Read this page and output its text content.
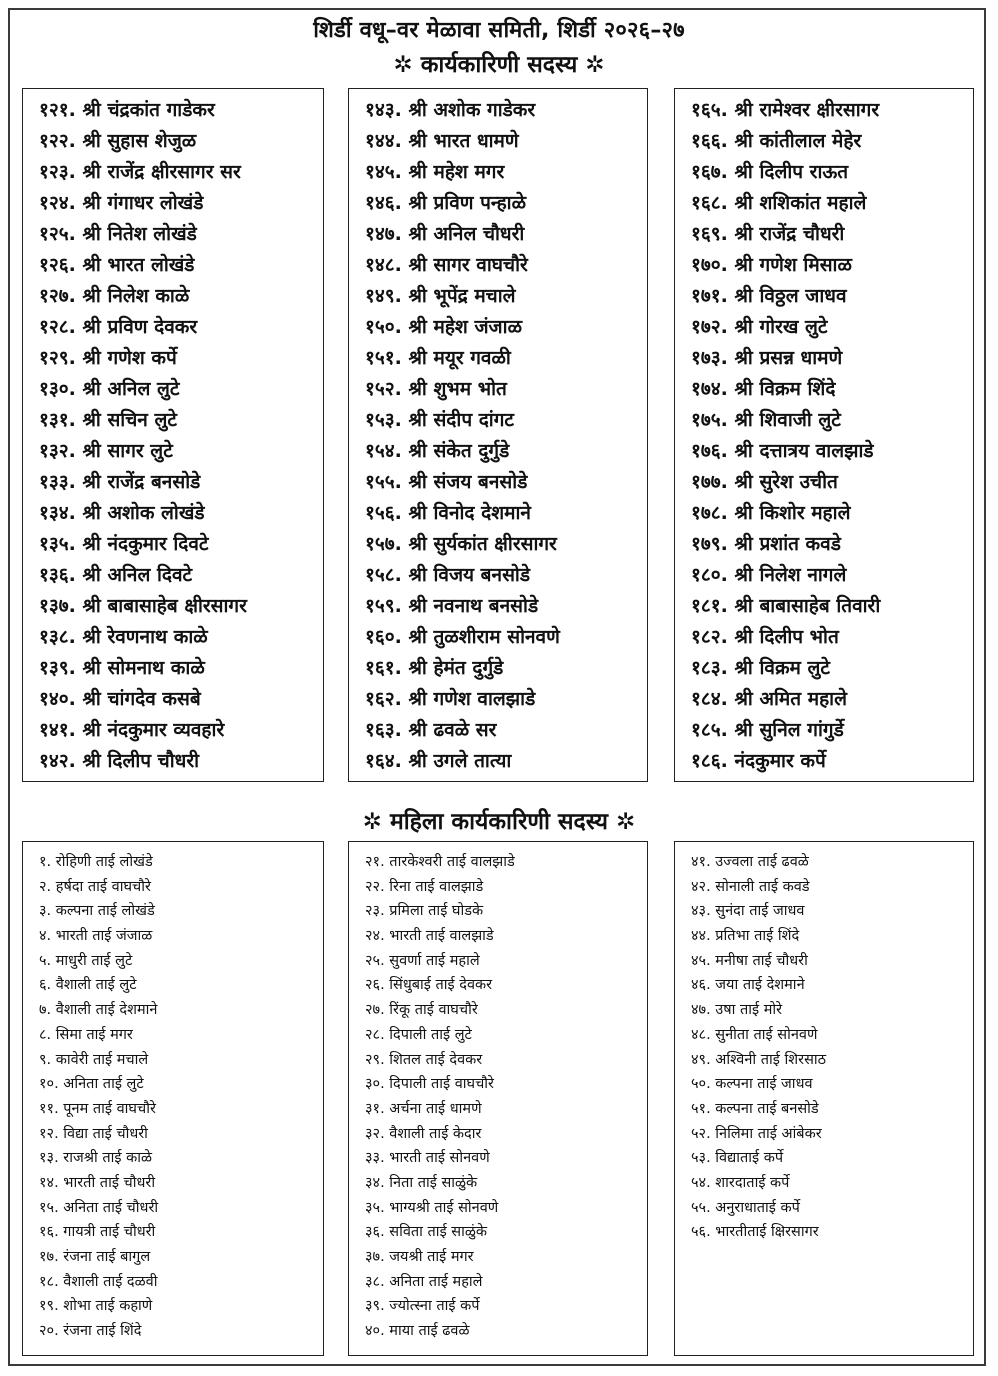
शिर्डी वधू–वर मेळावा समिती, शिर्डी २०२६–२७
✲ कार्यकारिणी सदस्य ✲
१२१. श्री चंद्रकांत गाडेकर
१२२. श्री सुहास शेजुळ
१२३. श्री राजेंद्र क्षीरसागर सर
१२४. श्री गंगाधर लोखंडे
१२५. श्री नितेश लोखंडे
१२६. श्री भारत लोखंडे
१२७. श्री निलेश काळे
१२८. श्री प्रविण देवकर
१२९. श्री गणेश कर्पे
१३०. श्री अनिल लुटे
१३१. श्री सचिन लुटे
१३२. श्री सागर लुटे
१३३. श्री राजेंद्र बनसोडे
१३४. श्री अशोक लोखंडे
१३५. श्री नंदकुमार दिवटे
१३६. श्री अनिल दिवटे
१३७. श्री बाबासाहेब क्षीरसागर
१३८. श्री रेवणनाथ काळे
१३९. श्री सोमनाथ काळे
१४०. श्री चांगदेव कसबे
१४१. श्री नंदकुमार व्यवहारे
१४२. श्री दिलीप चौधरी
१४३. श्री अशोक गाडेकर
१४४. श्री भारत धामणे
१४५. श्री महेश मगर
१४६. श्री प्रविण पन्हाळे
१४७. श्री अनिल चौधरी
१४८. श्री सागर वाघचौरे
१४९. श्री भूपेंद्र मचाले
१५०. श्री महेश जंजाळ
१५१. श्री मयूर गवळी
१५२. श्री शुभम भोत
१५३. श्री संदीप दांगट
१५४. श्री संकेत दुर्गुडे
१५५. श्री संजय बनसोडे
१५६. श्री विनोद देशमाने
१५७. श्री सुर्यकांत क्षीरसागर
१५८. श्री विजय बनसोडे
१५९. श्री नवनाथ बनसोडे
१६०. श्री तुळशीराम सोनवणे
१६१. श्री हेमंत दुर्गुडे
१६२. श्री गणेश वालझाडे
१६३. श्री ढवळे सर
१६४. श्री उगले तात्या
१६५. श्री रामेश्वर क्षीरसागर
१६६. श्री कांतीलाल मेहेर
१६७. श्री दिलीप राऊत
१६८. श्री शशिकांत महाले
१६९. श्री राजेंद्र चौधरी
१७०. श्री गणेश मिसाळ
१७१. श्री विठ्ठल जाधव
१७२. श्री गोरख लुटे
१७३. श्री प्रसन्न धामणे
१७४. श्री विक्रम शिंदे
१७५. श्री शिवाजी लुटे
१७६. श्री दत्तात्रय वालझाडे
१७७. श्री सुरेश उचीत
१७८. श्री किशोर महाले
१७९. श्री प्रशांत कवडे
१८०. श्री निलेश नागले
१८१. श्री बाबासाहेब तिवारी
१८२. श्री दिलीप भोत
१८३. श्री विक्रम लुटे
१८४. श्री अमित महाले
१८५. श्री सुनिल गांगुर्डे
१८६. नंदकुमार कर्पे
✲ महिला कार्यकारिणी सदस्य ✲
१. रोहिणी ताई लोखंडे
२. हर्षदा ताई वाघचौरे
३. कल्पना ताई लोखंडे
४. भारती ताई जंजाळ
५. माधुरी ताई लुटे
६. वैशाली ताई लुटे
७. वैशाली ताई देशमाने
८. सिमा ताई मगर
९. कावेरी ताई मचाले
१०. अनिता ताई लुटे
११. पूनम ताई वाघचौरे
१२. विद्या ताई चौधरी
१३. राजश्री ताई काळे
१४. भारती ताई चौधरी
१५. अनिता ताई चौधरी
१६. गायत्री ताई चौधरी
१७. रंजना ताई बागुल
१८. वैशाली ताई दळवी
१९. शोभा ताई कहाणे
२०. रंजना ताई शिंदे
२१. तारकेश्वरी ताई वालझाडे
२२. रिना ताई वालझाडे
२३. प्रमिला ताई घोडके
२४. भारती ताई वालझाडे
२५. सुवर्णा ताई महाले
२६. सिंधुबाई ताई देवकर
२७. रिंकू ताई वाघचौरे
२८. दिपाली ताई लुटे
२९. शितल ताई देवकर
३०. दिपाली ताई वाघचौरे
३१. अर्चना ताई धामणे
३२. वैशाली ताई केदार
३३. भारती ताई सोनवणे
३४. निता ताई साळुंके
३५. भाग्यश्री ताई सोनवणे
३६. सविता ताई साळुंके
३७. जयश्री ताई मगर
३८. अनिता ताई महाले
३९. ज्योत्स्ना ताई कर्पे
४०. माया ताई ढवळे
४१. उज्वला ताई ढवळे
४२. सोनाली ताई कवडे
४३. सुनंदा ताई जाधव
४४. प्रतिभा ताई शिंदे
४५. मनीषा ताई चौधरी
४६. जया ताई देशमाने
४७. उषा ताई मोरे
४८. सुनीता ताई सोनवणे
४९. अश्विनी ताई शिरसाठ
५०. कल्पना ताई जाधव
५१. कल्पना ताई बनसोडे
५२. निलिमा ताई आंबेकर
५३. विद्याताई कर्पे
५४. शारदाताई कर्पे
५५. अनुराधाताई कर्पे
५६. भारतीताई क्षिरसागर
